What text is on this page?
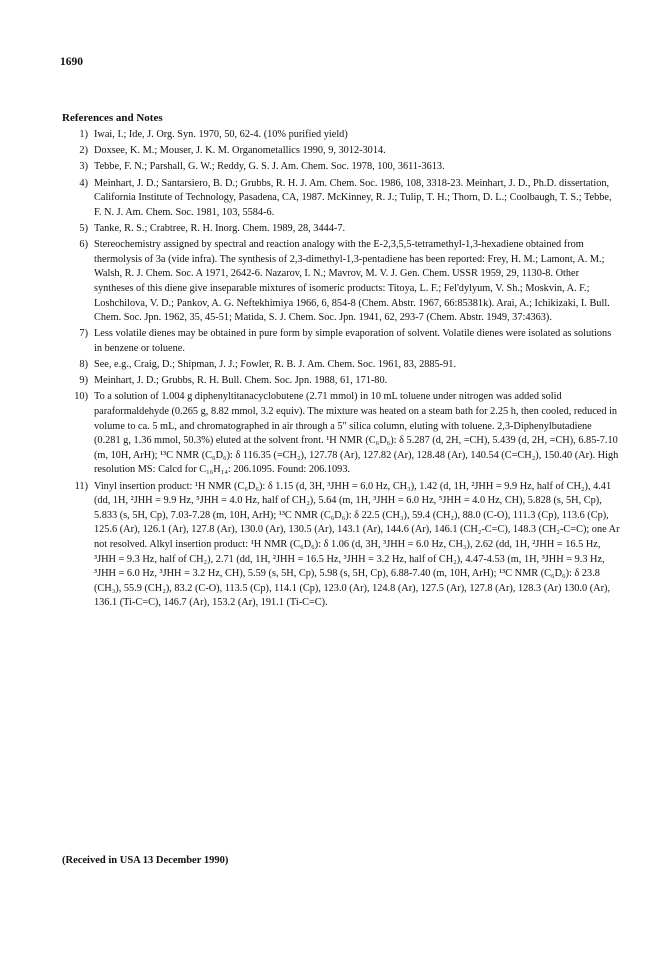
1690
References and Notes
1) Iwai, I.; Ide, J. Org. Syn. 1970, 50, 62-4. (10% purified yield)
2) Doxsee, K. M.; Mouser, J. K. M. Organometallics 1990, 9, 3012-3014.
3) Tebbe, F. N.; Parshall, G. W.; Reddy, G. S. J. Am. Chem. Soc. 1978, 100, 3611-3613.
4) Meinhart, J. D.; Santarsiero, B. D.; Grubbs, R. H. J. Am. Chem. Soc. 1986, 108, 3318-23. Meinhart, J. D., Ph.D. dissertation, California Institute of Technology, Pasadena, CA, 1987. McKinney, R. J.; Tulip, T. H.; Thorn, D. L.; Coolbaugh, T. S.; Tebbe, F. N. J. Am. Chem. Soc. 1981, 103, 5584-6.
5) Tanke, R. S.; Crabtree, R. H. Inorg. Chem. 1989, 28, 3444-7.
6) Stereochemistry assigned by spectral and reaction analogy with the E-2,3,5,5-tetramethyl-1,3-hexadiene obtained from thermolysis of 3a (vide infra). The synthesis of 2,3-dimethyl-1,3-pentadiene has been reported: Frey, H. M.; Lamont, A. M.; Walsh, R. J. Chem. Soc. A 1971, 2642-6. Nazarov, I. N.; Mavrov, M. V. J. Gen. Chem. USSR 1959, 29, 1130-8. Other syntheses of this diene give inseparable mixtures of isomeric products: Titoya, L. F.; Fel'dylyum, V. Sh.; Moskvin, A. F.; Loshchilova, V. D.; Pankov, A. G. Neftekhimiya 1966, 6, 854-8 (Chem. Abstr. 1967, 66:85381k). Arai, A.; Ichikizaki, I. Bull. Chem. Soc. Jpn. 1962, 35, 45-51; Matida, S. J. Chem. Soc. Jpn. 1941, 62, 293-7 (Chem. Abstr. 1949, 37:4363).
7) Less volatile dienes may be obtained in pure form by simple evaporation of solvent. Volatile dienes were isolated as solutions in benzene or toluene.
8) See, e.g., Craig, D.; Shipman, J. J.; Fowler, R. B. J. Am. Chem. Soc. 1961, 83, 2885-91.
9) Meinhart, J. D.; Grubbs, R. H. Bull. Chem. Soc. Jpn. 1988, 61, 171-80.
10) To a solution of 1.004 g diphenyltitanacyclobutene (2.71 mmol) in 10 mL toluene under nitrogen was added solid paraformaldehyde (0.265 g, 8.82 mmol, 3.2 equiv). The mixture was heated on a steam bath for 2.25 h, then cooled, reduced in volume to ca. 5 mL, and chromatographed in air through a 5" silica column, eluting with toluene. 2,3-Diphenylbutadiene (0.281 g, 1.36 mmol, 50.3%) eluted at the solvent front. ¹H NMR (C₆D₆): δ 5.287 (d, 2H, =CH), 5.439 (d, 2H, =CH), 6.85-7.10 (m, 10H, ArH); ¹³C NMR (C₆D₆): δ 116.35 (=CH₂), 127.78 (Ar), 127.82 (Ar), 128.48 (Ar), 140.54 (C=CH₂), 150.40 (Ar). High resolution MS: Calcd for C₁₆H₁₄: 206.1095. Found: 206.1093.
11) Vinyl insertion product: ¹H NMR (C₆D₆): δ 1.15 (d, 3H, ³JHH = 6.0 Hz, CH₃), 1.42 (d, 1H, ²JHH = 9.9 Hz, half of CH₂), 4.41 (dd, 1H, ²JHH = 9.9 Hz, ⁵JHH = 4.0 Hz, half of CH₂), 5.64 (m, 1H, ³JHH = 6.0 Hz, ⁵JHH = 4.0 Hz, CH), 5.828 (s, 5H, Cp), 5.833 (s, 5H, Cp), 7.03-7.28 (m, 10H, ArH); ¹³C NMR (C₆D₆): δ 22.5 (CH₃), 59.4 (CH₂), 88.0 (C-O), 111.3 (Cp), 113.6 (Cp), 125.6 (Ar), 126.1 (Ar), 127.8 (Ar), 130.0 (Ar), 130.5 (Ar), 143.1 (Ar), 144.6 (Ar), 146.1 (CH₂-C=C), 148.3 (CH₂-C=C); one Ar not resolved. Alkyl insertion product: ¹H NMR (C₆D₆): δ 1.06 (d, 3H, ³JHH = 6.0 Hz, CH₃), 2.62 (dd, 1H, ²JHH = 16.5 Hz, ³JHH = 9.3 Hz, half of CH₂), 2.71 (dd, 1H, ²JHH = 16.5 Hz, ³JHH = 3.2 Hz, half of CH₂), 4.47-4.53 (m, 1H, ³JHH = 9.3 Hz, ³JHH = 6.0 Hz, ³JHH = 3.2 Hz, CH), 5.59 (s, 5H, Cp), 5.98 (s, 5H, Cp), 6.88-7.40 (m, 10H, ArH); ¹³C NMR (C₆D₆): δ 23.8 (CH₃), 55.9 (CH₂), 83.2 (C-O), 113.5 (Cp), 114.1 (Cp), 123.0 (Ar), 124.8 (Ar), 127.5 (Ar), 127.8 (Ar), 128.3 (Ar) 130.0 (Ar), 136.1 (Ti-C=C), 146.7 (Ar), 153.2 (Ar), 191.1 (Ti-C=C).
(Received in USA 13 December 1990)
